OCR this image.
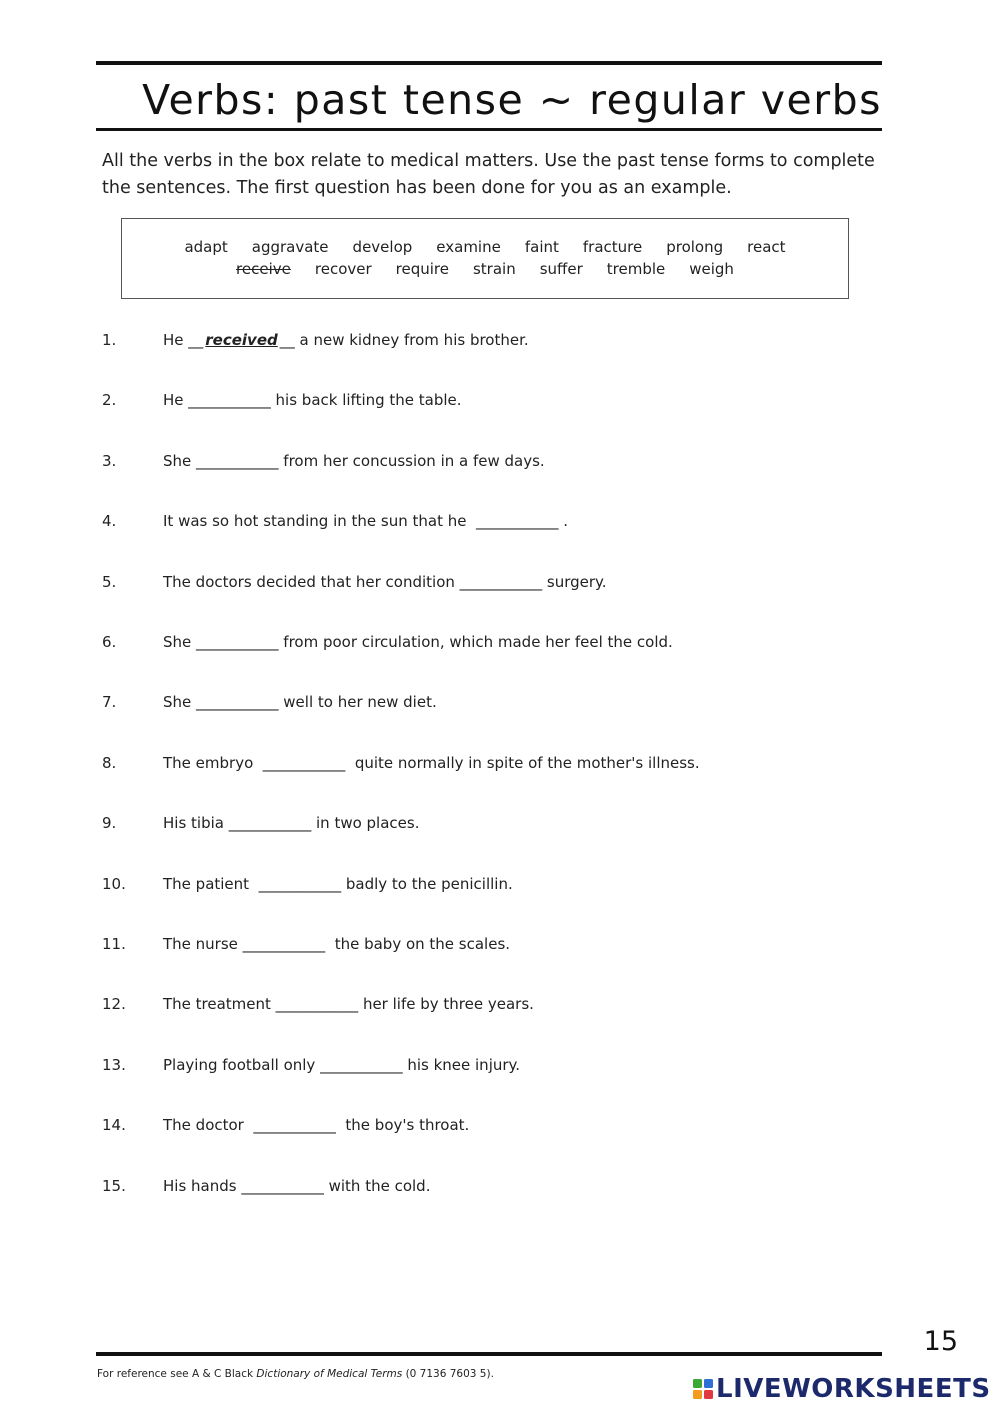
Verbs: past tense ~ regular verbs

All the verbs in the box relate to medical matters. Use the past tense forms to complete the sentences. The first question has been done for you as an example.

adapt aggravate develop examine faint fracture prolong react
receive recover require strain suffer tremble weigh
1.	He __ received __ a new kidney from his brother.
2.	He ___________ his back lifting the table.
3.	She ___________ from her concussion in a few days.
4.	It was so hot standing in the sun that he  ___________ .
5.	The doctors decided that her condition ___________ surgery.
6.	She ___________ from poor circulation, which made her feel the cold.
7.	She ___________ well to her new diet.
8.	The embryo  ___________  quite normally in spite of the mother's illness.
9.	His tibia ___________ in two places.
10. The patient  ___________ badly to the penicillin.
11. The nurse ___________  the baby on the scales.
12. The treatment ___________ her life by three years.
13. Playing football only ___________ his knee injury.
14. The doctor  ___________  the boy's throat.
15. His hands ___________ with the cold.
15
For reference see A & C Black Dictionary of Medical Terms (0 7136 7603 5).	LIVEWORKSHEETS
